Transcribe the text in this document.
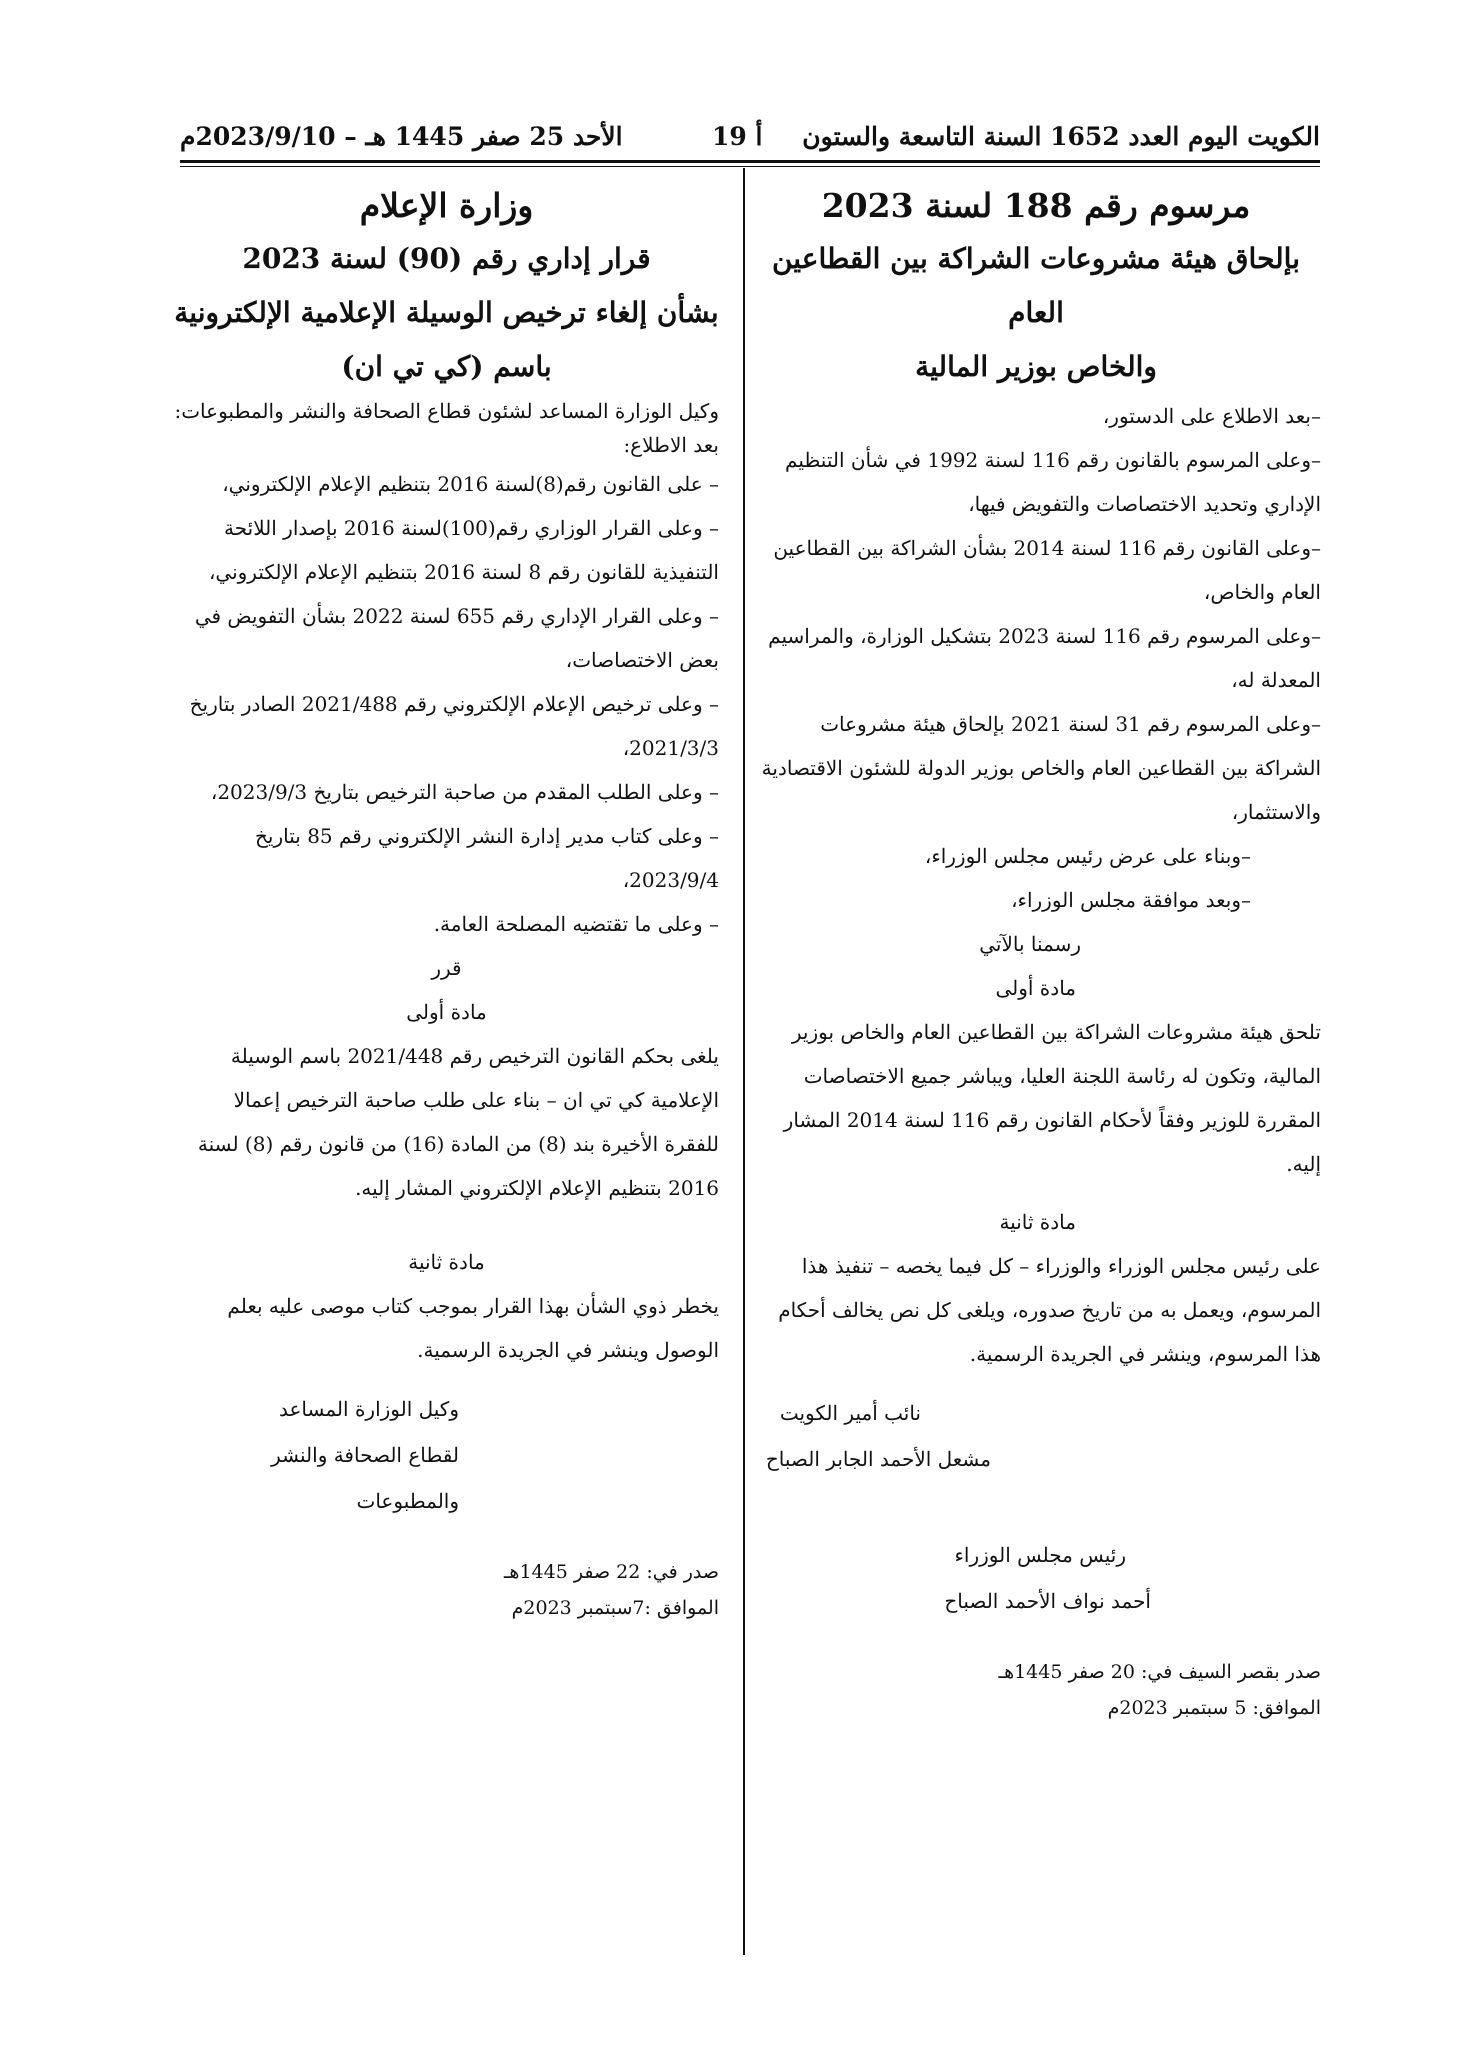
الكويت اليوم العدد 1652 السنة التاسعة والستون
أ 19
الأحد 25 صفر 1445 هـ – 2023/9/10م

مرسوم رقم 188 لسنة 2023

بإلحاق هيئة مشروعات الشراكة بين القطاعين العام

والخاص بوزير المالية

–بعد الاطلاع على الدستور،

–وعلى المرسوم بالقانون رقم 116 لسنة 1992 في شأن التنظيم الإداري وتحديد الاختصاصات والتفويض فيها،

–وعلى القانون رقم 116 لسنة 2014 بشأن الشراكة بين القطاعين العام والخاص،

–وعلى المرسوم رقم 116 لسنة 2023 بتشكيل الوزارة، والمراسيم المعدلة له،

–وعلى المرسوم رقم 31 لسنة 2021 بإلحاق هيئة مشروعات الشراكة بين القطاعين العام والخاص بوزير الدولة للشئون الاقتصادية والاستثمار،

–وبناء على عرض رئيس مجلس الوزراء،

–وبعد موافقة مجلس الوزراء،

رسمنا بالآتي

مادة أولى

تلحق هيئة مشروعات الشراكة بين القطاعين العام والخاص بوزير المالية، وتكون له رئاسة اللجنة العليا، ويباشر جميع الاختصاصات المقررة للوزير وفقاً لأحكام القانون رقم 116 لسنة 2014 المشار إليه.

مادة ثانية

على رئيس مجلس الوزراء والوزراء – كل فيما يخصه – تنفيذ هذا المرسوم، ويعمل به من تاريخ صدوره، ويلغى كل نص يخالف أحكام هذا المرسوم، وينشر في الجريدة الرسمية.

نائب أمير الكويت

مشعل الأحمد الجابر الصباح

رئيس مجلس الوزراء

أحمد نواف الأحمد الصباح

صدر بقصر السيف في: 20 صفر 1445هـ

الموافق: 5 سبتمبر 2023م

وزارة الإعلام

قرار إداري رقم (90) لسنة 2023

بشأن إلغاء ترخيص الوسيلة الإعلامية الإلكترونية

باسم (كي تي ان)

وكيل الوزارة المساعد لشئون قطاع الصحافة والنشر والمطبوعات:

بعد الاطلاع:

– على القانون رقم(8)لسنة 2016 بتنظيم الإعلام الإلكتروني،

– وعلى القرار الوزاري رقم(100)لسنة 2016 بإصدار اللائحة التنفيذية للقانون رقم 8 لسنة 2016 بتنظيم الإعلام الإلكتروني،

– وعلى القرار الإداري رقم 655 لسنة 2022 بشأن التفويض في بعض الاختصاصات،

– وعلى ترخيص الإعلام الإلكتروني رقم 2021/488 الصادر بتاريخ 2021/3/3،

– وعلى الطلب المقدم من صاحبة الترخيص بتاريخ 2023/9/3،

– وعلى كتاب مدير إدارة النشر الإلكتروني رقم 85 بتاريخ 2023/9/4،

– وعلى ما تقتضيه المصلحة العامة.

قرر

مادة أولى

يلغى بحكم القانون الترخيص رقم 2021/448 باسم الوسيلة الإعلامية كي تي ان – بناء على طلب صاحبة الترخيص إعمالا للفقرة الأخيرة بند (8) من المادة (16) من قانون رقم (8) لسنة 2016 بتنظيم الإعلام الإلكتروني المشار إليه.

مادة ثانية

يخطر ذوي الشأن بهذا القرار بموجب كتاب موصى عليه بعلم الوصول وينشر في الجريدة الرسمية.

وكيل الوزارة المساعد

لقطاع الصحافة والنشر والمطبوعات

صدر في: 22 صفر 1445هـ

الموافق :7سبتمبر 2023م
